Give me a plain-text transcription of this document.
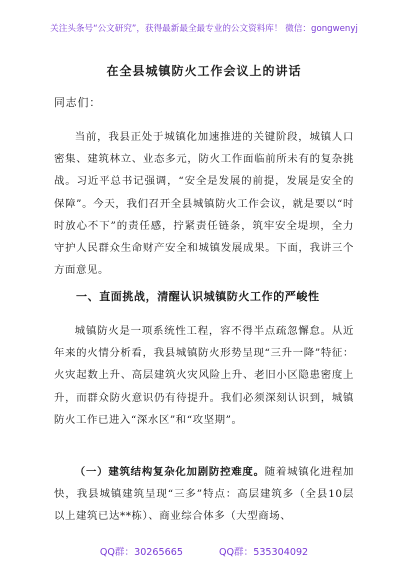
关注头条号“公文研究”，获得最新最全最专业的公文资料库！ 微信：gongwenyj
在全县城镇防火工作会议上的讲话
同志们：

当前，我县正处于城镇化加速推进的关键阶段，城镇人口密集、建筑林立、业态多元，防火工作面临前所未有的复杂挑战。习近平总书记强调，“安全是发展的前提，发展是安全的保障”。今天，我们召开全县城镇防火工作会议，就是要以“时时放心不下”的责任感，拧紧责任链条，筑牢安全堤坝，全力守护人民群众生命财产安全和城镇发展成果。下面，我讲三个方面意见。

一、直面挑战，清醒认识城镇防火工作的严峻性

城镇防火是一项系统性工程，容不得半点疏忽懈怠。从近年来的火情分析看，我县城镇防火形势呈现“三升一降”特征：火灾起数上升、高层建筑火灾风险上升、老旧小区隐患密度上升，而群众防火意识仍有待提升。我们必须深刻认识到，城镇防火工作已进入“深水区”和“攻坚期”。

（一）建筑结构复杂化加剧防控难度。随着城镇化进程加快，我县城镇建筑呈现“三多”特点：高层建筑多（全县10层以上建筑已达**栋）、商业综合体多（大型商场、

QQ群：30265665	QQ群：535304092
